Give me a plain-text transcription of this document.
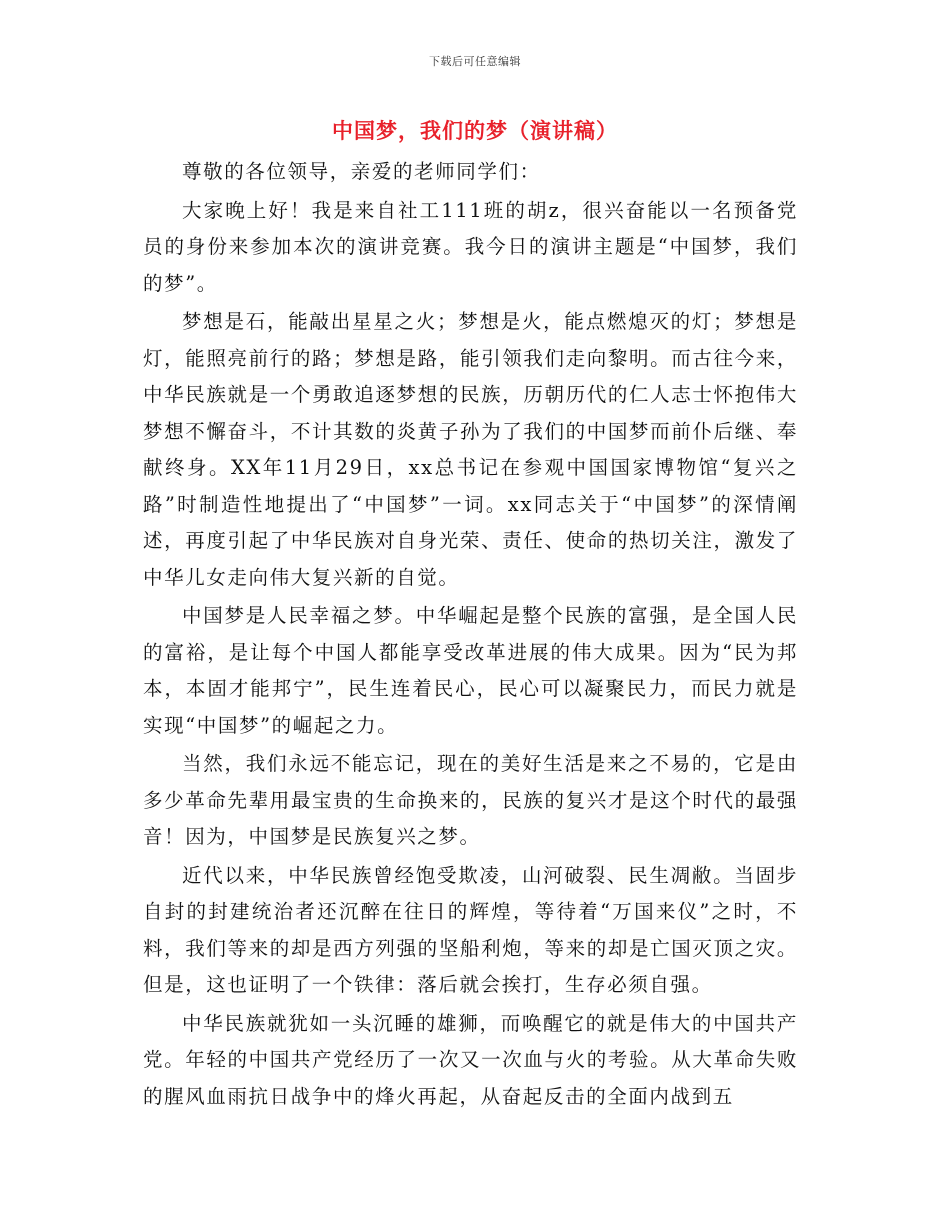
下载后可任意编辑
中国梦，我们的梦（演讲稿）

尊敬的各位领导，亲爱的老师同学们：

大家晚上好！我是来自社工111班的胡z，很兴奋能以一名预备党员的身份来参加本次的演讲竞赛。我今日的演讲主题是“中国梦，我们的梦”。

梦想是石，能敲出星星之火；梦想是火，能点燃熄灭的灯；梦想是灯，能照亮前行的路；梦想是路，能引领我们走向黎明。而古往今来，中华民族就是一个勇敢追逐梦想的民族，历朝历代的仁人志士怀抱伟大梦想不懈奋斗，不计其数的炎黄子孙为了我们的中国梦而前仆后继、奉献终身。XX年11月29日，xx总书记在参观中国国家博物馆“复兴之路”时制造性地提出了“中国梦”一词。xx同志关于“中国梦”的深情阐述，再度引起了中华民族对自身光荣、责任、使命的热切关注，激发了中华儿女走向伟大复兴新的自觉。

中国梦是人民幸福之梦。中华崛起是整个民族的富强，是全国人民的富裕，是让每个中国人都能享受改革进展的伟大成果。因为“民为邦本，本固才能邦宁”，民生连着民心，民心可以凝聚民力，而民力就是实现“中国梦”的崛起之力。

当然，我们永远不能忘记，现在的美好生活是来之不易的，它是由多少革命先辈用最宝贵的生命换来的，民族的复兴才是这个时代的最强音！因为，中国梦是民族复兴之梦。

近代以来，中华民族曾经饱受欺凌，山河破裂、民生凋敝。当固步自封的封建统治者还沉醉在往日的辉煌，等待着“万国来仪”之时，不料，我们等来的却是西方列强的坚船利炮，等来的却是亡国灭顶之灾。但是，这也证明了一个铁律：落后就会挨打，生存必须自强。

中华民族就犹如一头沉睡的雄狮，而唤醒它的就是伟大的中国共产党。年轻的中国共产党经历了一次又一次血与火的考验。从大革命失败的腥风血雨抗日战争中的烽火再起，从奋起反击的全面内战到五
